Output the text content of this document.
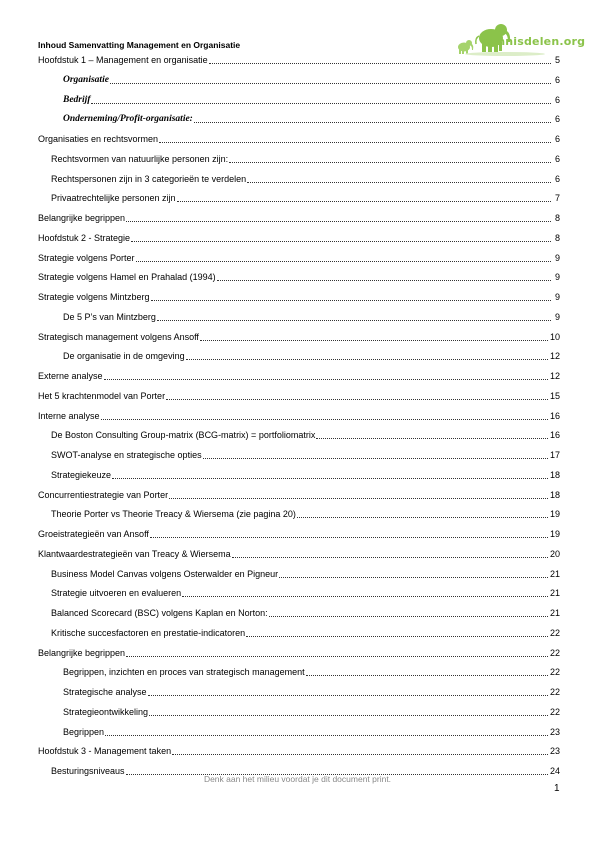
Inhoud Samenvatting Management en Organisatie	Kennisdelen.org
Hoofdstuk 1 – Management en organisatie	5
Organisatie	6
Bedrijf	6
Onderneming/Profit-organisatie:	6
Organisaties en rechtsvormen	6
Rechtsvormen van natuurlijke personen zijn:	6
Rechtspersonen zijn in 3 categorieën te verdelen	6
Privaatrechtelijke personen zijn	7
Belangrijke begrippen	8
Hoofdstuk 2 - Strategie	8
Strategie volgens Porter	9
Strategie volgens Hamel en Prahalad (1994)	9
Strategie volgens Mintzberg	9
De 5 P’s van Mintzberg	9
Strategisch management volgens Ansoff	10
De organisatie in de omgeving	12
Externe analyse	12
Het 5 krachtenmodel van Porter	15
Interne analyse	16
De Boston Consulting Group-matrix (BCG-matrix) = portfoliomatrix	16
SWOT-analyse en strategische opties	17
Strategiekeuze	18
Concurrentiestrategie van Porter	18
Theorie Porter vs Theorie Treacy & Wiersema (zie pagina 20)	19
Groeistrategieën van Ansoff	19
Klantwaardestrategieën van Treacy & Wiersema	20
Business Model Canvas volgens Osterwalder en Pigneur	21
Strategie uitvoeren en evalueren	21
Balanced Scorecard (BSC) volgens Kaplan en Norton:	21
Kritische succesfactoren en prestatie-indicatoren	22
Belangrijke begrippen	22
Begrippen, inzichten en proces van strategisch management	22
Strategische analyse	22
Strategieontwikkeling	22
Begrippen	23
Hoofdstuk 3 - Management taken	23
Besturingsniveaus	24
Denk aan het milieu voordat je dit document print.
1
